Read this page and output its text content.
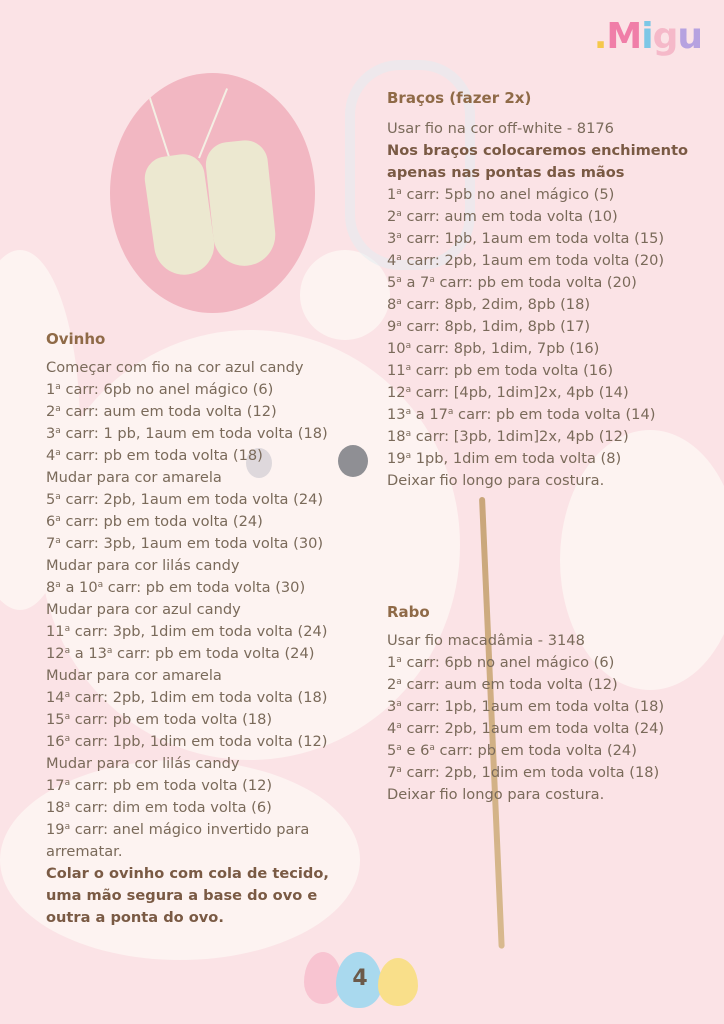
.Migu
Braços (fazer 2x)
Usar fio na cor off-white - 8176
Nos braços colocaremos enchimento
apenas nas pontas das mãos
1$^a$ carr: 5pb no anel mágico (5)
2$^a$ carr: aum em toda volta (10)
3$^a$ carr: 1pb, 1aum em toda volta (15)
4$^a$ carr: 2pb, 1aum em toda volta (20)
5$^a$ a 7$^a$ carr: pb em toda volta (20)
8$^a$ carr: 8pb, 2dim, 8pb (18)
9$^a$ carr: 8pb, 1dim, 8pb (17)
10$^a$ carr: 8pb, 1dim, 7pb (16)
11$^a$ carr: pb em toda volta (16)
12$^a$ carr: [4pb, 1dim]2x, 4pb (14)
13$^a$ a 17$^a$ carr: pb em toda volta (14)
18$^a$ carr: [3pb, 1dim]2x, 4pb (12)
19$^a$ 1pb, 1dim em toda volta (8)
Deixar fio longo para costura.
Ovinho
Começar com fio na cor azul candy
1$^a$ carr: 6pb no anel mágico (6)
2$^a$ carr: aum em toda volta (12)
3$^a$ carr: 1 pb, 1aum em toda volta (18)
4$^a$ carr: pb em toda volta (18)
Mudar para cor amarela
5$^a$ carr: 2pb, 1aum em toda volta (24)
6$^a$ carr: pb em toda volta (24)
7$^a$ carr: 3pb, 1aum em toda volta (30)
Mudar para cor lilás candy
8$^a$ a 10$^a$ carr: pb em toda volta (30)
Mudar para cor azul candy
11$^a$ carr: 3pb, 1dim em toda volta (24)
12$^a$ a 13$^a$ carr: pb em toda volta (24)
Mudar para cor amarela
14$^a$ carr: 2pb, 1dim em toda volta (18)
15$^a$ carr: pb em toda volta (18)
16$^a$ carr: 1pb, 1dim em toda volta (12)
Mudar para cor lilás candy
17$^a$ carr: pb em toda volta (12)
18$^a$ carr: dim em toda volta (6)
19$^a$ carr: anel mágico invertido para
arrematar.
Colar o ovinho com cola de tecido,
uma mão segura a base do ovo e
outra a ponta do ovo.
Rabo
Usar fio macadâmia - 3148
1$^a$ carr: 6pb no anel mágico (6)
2$^a$ carr: aum em toda volta (12)
3$^a$ carr: 1pb, 1aum em toda volta (18)
4$^a$ carr: 2pb, 1aum em toda volta (24)
5$^a$ e 6$^a$ carr: pb em toda volta (24)
7$^a$ carr: 2pb, 1dim em toda volta (18)
Deixar fio longo para costura.
4
